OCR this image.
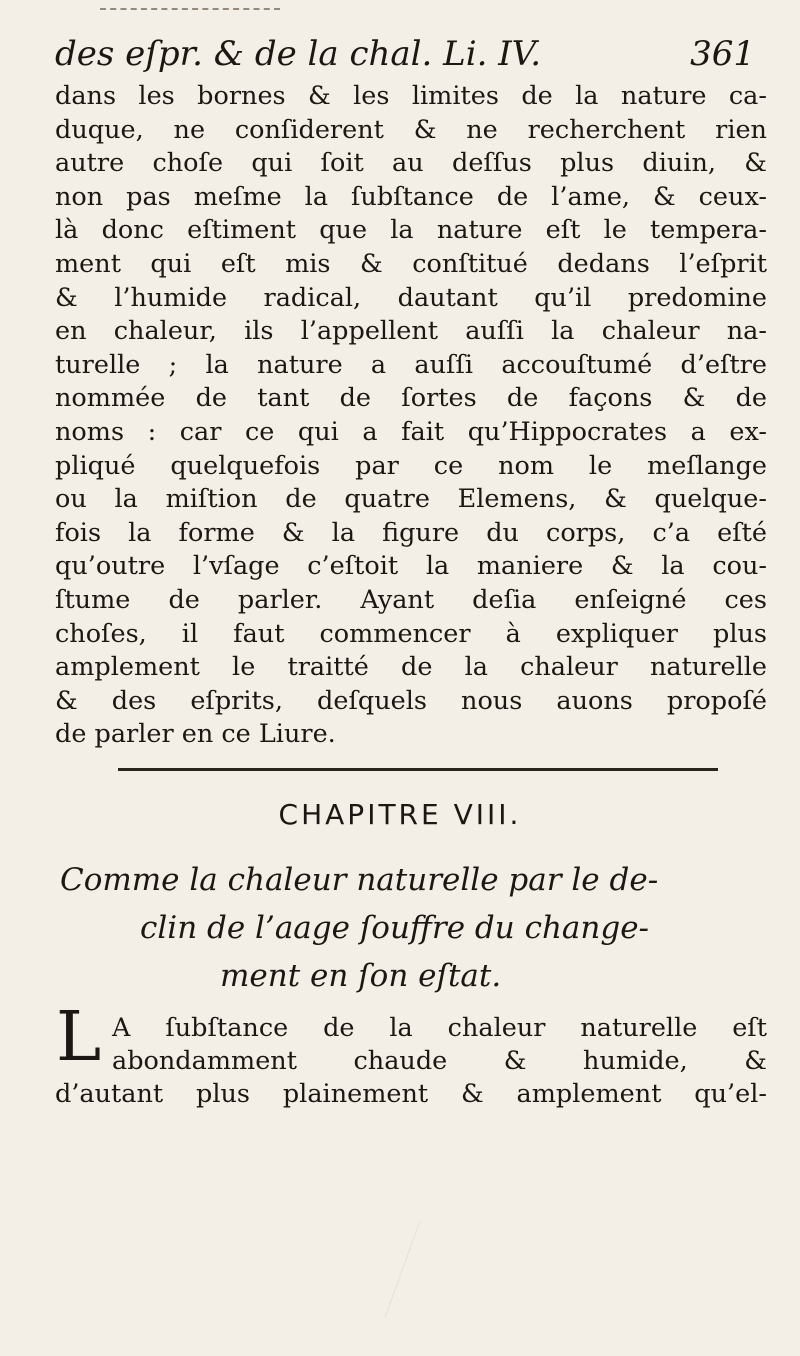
des eſpr. & de la chal. Li. IV.	361
dans les bornes & les limites de la nature ca-
duque, ne conſiderent & ne recherchent rien
autre choſe qui ſoit au deſſus plus diuin, &
non pas meſme la ſubſtance de l’ame, & ceux-
là donc eſtiment que la nature eſt le tempera-
ment qui eſt mis & conſtitué dedans l’eſprit
& l’humide radical, dautant qu’il predomine
en chaleur, ils l’appellent auſſi la chaleur na-
turelle ; la nature a auſſi accouſtumé d’eſtre
nommée de tant de ſortes de façons & de
noms : car ce qui a fait qu’Hippocrates a ex-
pliqué quelquefois par ce nom le meſlange
ou la miſtion de quatre Elemens, & quelque-
fois la forme & la figure du corps, c’a eſté
qu’outre l’vſage c’eſtoit la maniere & la cou-
ſtume de parler. Ayant deſia enſeigné ces
choſes, il faut commencer à expliquer plus
amplement le traitté de la chaleur naturelle
& des eſprits, deſquels nous auons propoſé
de parler en ce Liure.
CHAPITRE VIII.
Comme la chaleur naturelle par le de-
clin de l’aage ſouffre du change-
ment en ſon eſtat.
L A ſubſtance de la chaleur naturelle eſt
abondamment chaude & humide, &
d’autant plus plainement & amplement qu’el-
